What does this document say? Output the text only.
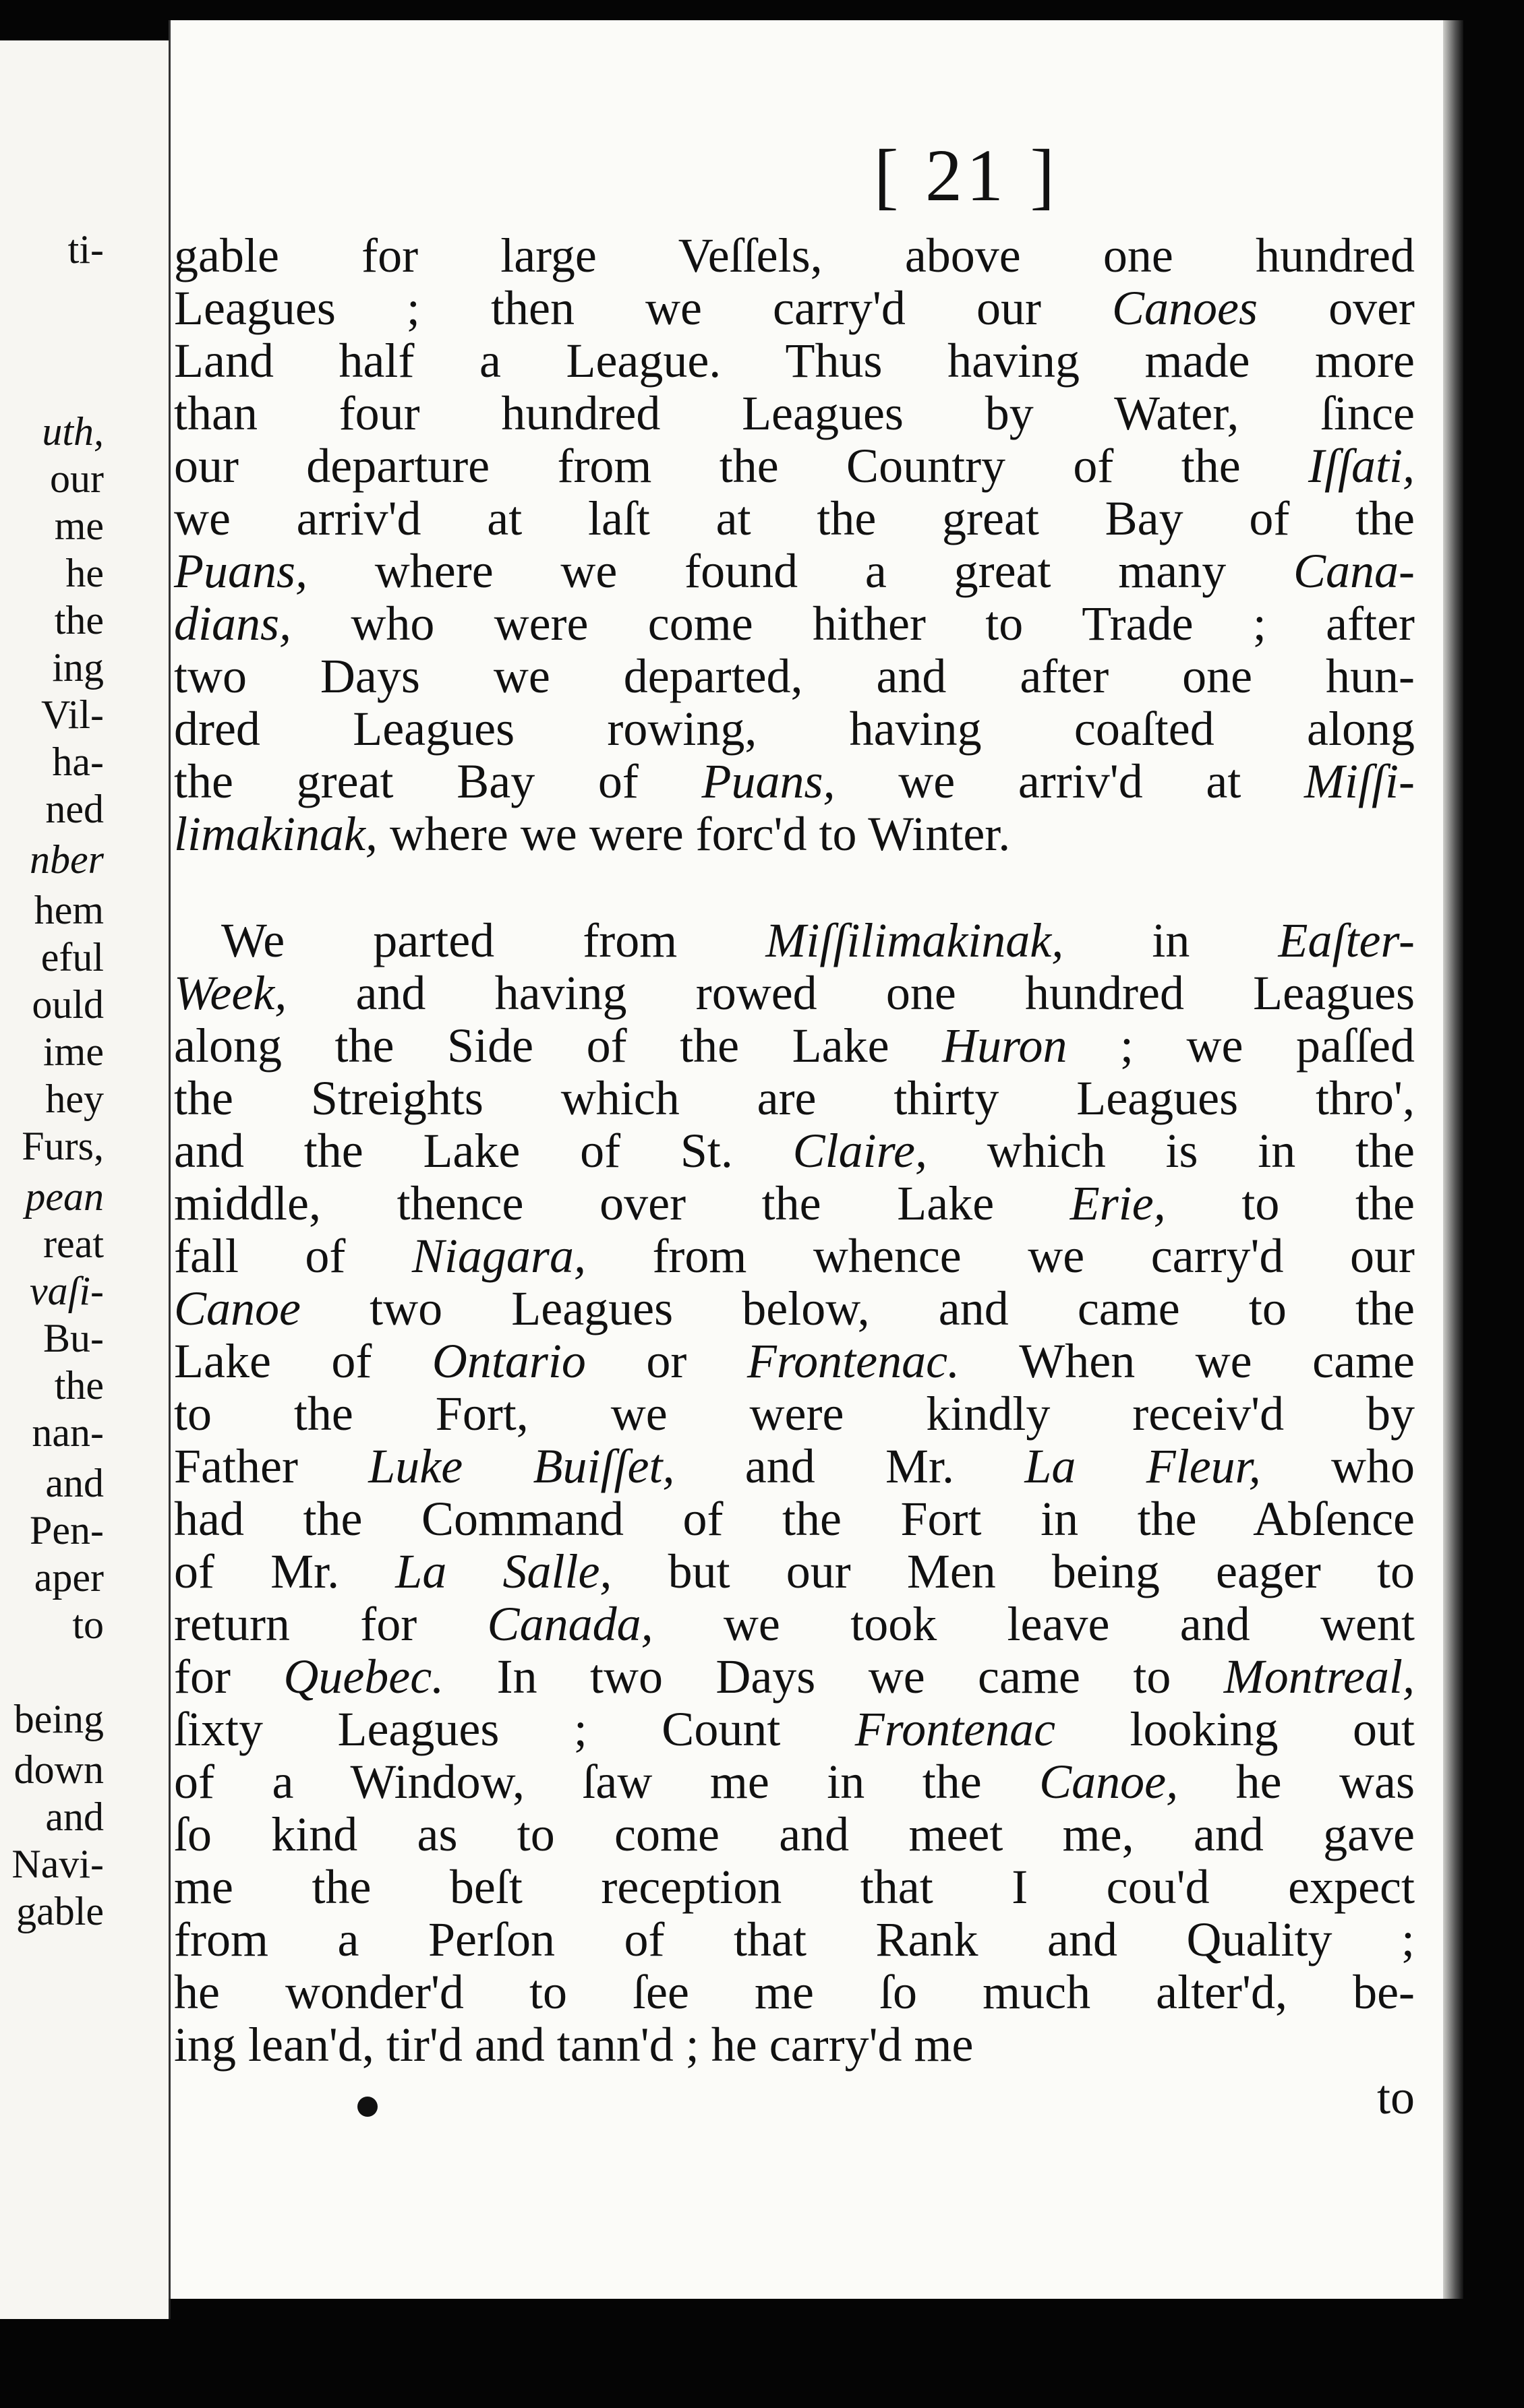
ti-
uth,
our
me
he
the
ing
Vil-
ha-
ned
nber
hem
eful
ould
ime
hey
Furs,
pean
reat
vaſi-
Bu-
the
nan-
and
Pen-
aper
to
being
down
and
Navi-
gable
[ 21 ]
gable for large Veſſels, above one hundred
Leagues ; then we carry'd our Canoes over
Land half a League. Thus having made more
than four hundred Leagues by Water, ſince
our departure from the Country of the Iſſati,
we arriv'd at laſt at the great Bay of the
Puans, where we found a great many Cana-
dians, who were come hither to Trade ; after
two Days we departed, and after one hun-
dred Leagues rowing, having coaſted along
the great Bay of Puans, we arriv'd at Miſſi-
limakinak, where we were forc'd to Winter.
We parted from Miſſilimakinak, in Eaſter-
Week, and having rowed one hundred Leagues
along the Side of the Lake Huron ; we paſſed
the Streights which are thirty Leagues thro',
and the Lake of St. Claire, which is in the
middle, thence over the Lake Erie, to the
fall of Niagara, from whence we carry'd our
Canoe two Leagues below, and came to the
Lake of Ontario or Frontenac. When we came
to the Fort, we were kindly receiv'd by
Father Luke Buiſſet, and Mr. La Fleur, who
had the Command of the Fort in the Abſence
of Mr. La Salle, but our Men being eager to
return for Canada, we took leave and went
for Quebec. In two Days we came to Montreal,
ſixty Leagues ; Count Frontenac looking out
of a Window, ſaw me in the Canoe, he was
ſo kind as to come and meet me, and gave
me the beſt reception that I cou'd expect
from a Perſon of that Rank and Quality ;
he wonder'd to ſee me ſo much alter'd, be-
ing lean'd, tir'd and tann'd ; he carry'd me
to
